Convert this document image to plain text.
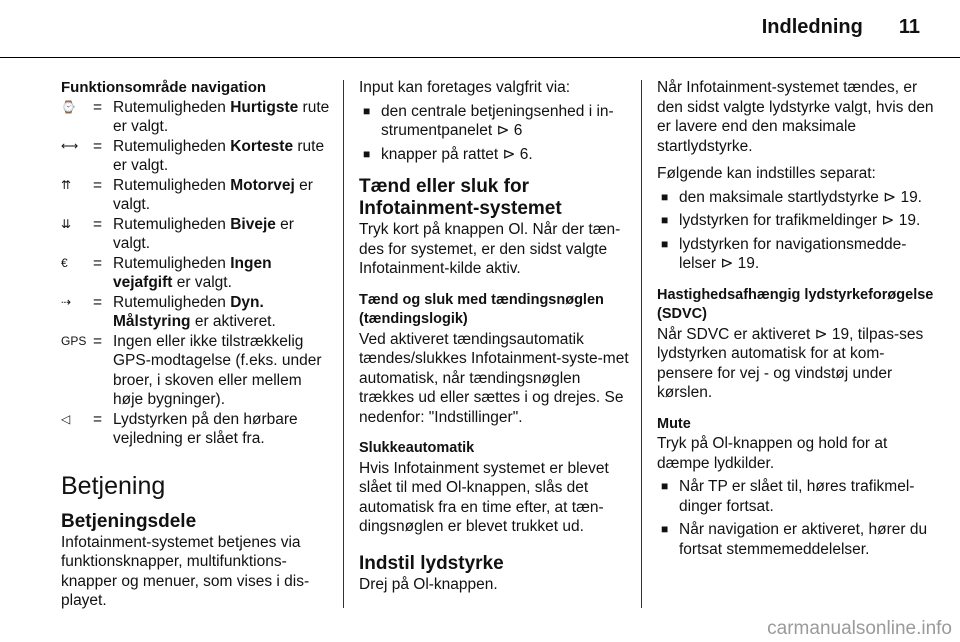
Indledning 11

Funktionsområde navigation

⌚	= Rutemuligheden Hurtigste rute er valgt.
⟷ = Rutemuligheden Korteste rute er valgt.
⇈	= Rutemuligheden Motorvej er valgt.
⇊	= Rutemuligheden Biveje er valgt.
€	= Rutemuligheden Ingen vejafgift er valgt.
⇢	= Rutemuligheden Dyn. Målstyring er aktiveret.
GPS = Ingen eller ikke tilstrækkelig GPS-modtagelse (f.eks. under broer, i skoven eller mellem høje bygninger).
◁	= Lydstyrken på den hørbare vejledning er slået fra.
Betjening
Betjeningsdele

Infotainment-systemet betjenes via funktionsknapper, multifunktions-knapper og menuer, som vises i dis-playet.

Input kan foretages valgfrit via:

■ den centrale betjeningsenhed i in-strumentpanelet ⊳ 6
■ knapper på rattet ⊳ 6.
Tænd eller sluk for Infotainment-systemet

Tryk kort på knappen Ol. Når der tæn-des for systemet, er den sidst valgte Infotainment-kilde aktiv.

Tænd og sluk med tændingsnøglen (tændingslogik)

Ved aktiveret tændingsautomatik tændes/slukkes Infotainment-syste-met automatisk, når tændingsnøglen trækkes ud eller sættes i og drejes. Se nedenfor: "Indstillinger".

Slukkeautomatik

Hvis Infotainment systemet er blevet slået til med Ol-knappen, slås det automatisk fra en time efter, at tæn-dingsnøglen er blevet trukket ud.

Indstil lydstyrke

Drej på Ol-knappen.

Når Infotainment-systemet tændes, er den sidst valgte lydstyrke valgt, hvis den er lavere end den maksimale startlydstyrke.

Følgende kan indstilles separat:

■ den maksimale startlydstyrke ⊳ 19.
■ lydstyrken for trafikmeldinger ⊳ 19.
■ lydstyrken for navigationsmedde-lelser ⊳ 19.

Hastighedsafhængig lydstyrkeforøgelse (SDVC)

Når SDVC er aktiveret ⊳ 19, tilpas-ses lydstyrken automatisk for at kom-pensere for vej - og vindstøj under kørslen.

Mute

Tryk på Ol-knappen og hold for at dæmpe lydkilder.

■ Når TP er slået til, høres trafikmel-dinger fortsat.
■ Når navigation er aktiveret, hører du fortsat stemmemeddelelser.
carmanualsonline.info
